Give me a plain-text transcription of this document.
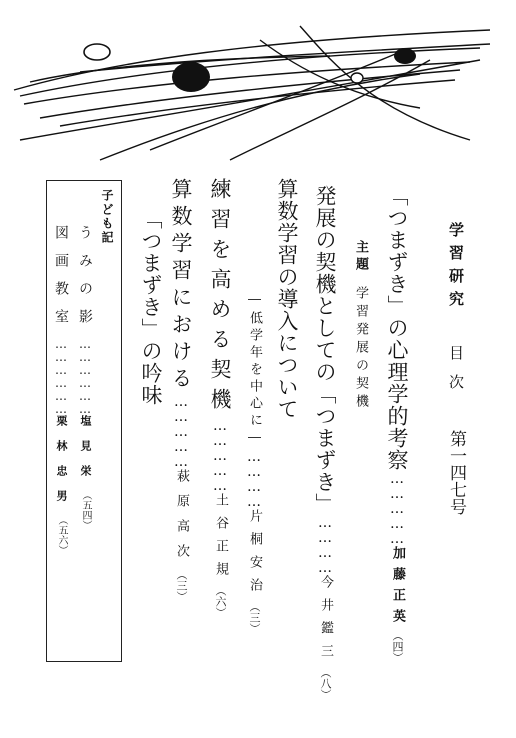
学習研究 目次 第一四七号
「つまずき」の心理学的考察……………加藤正英（四）
主題学習発展の契機
発展の契機としての「つまずき」…………今井鑑三（八）
算数学習の導入について
―低学年を中心に―…………片桐安治（三）
練習を高める契機……………土谷正規（六）
算数学習における……………萩原高次（三）
「つまずき」の吟味
子ども記
うみの影………………塩見栄（五四）
図画教室………………栗林忠男（五六）
